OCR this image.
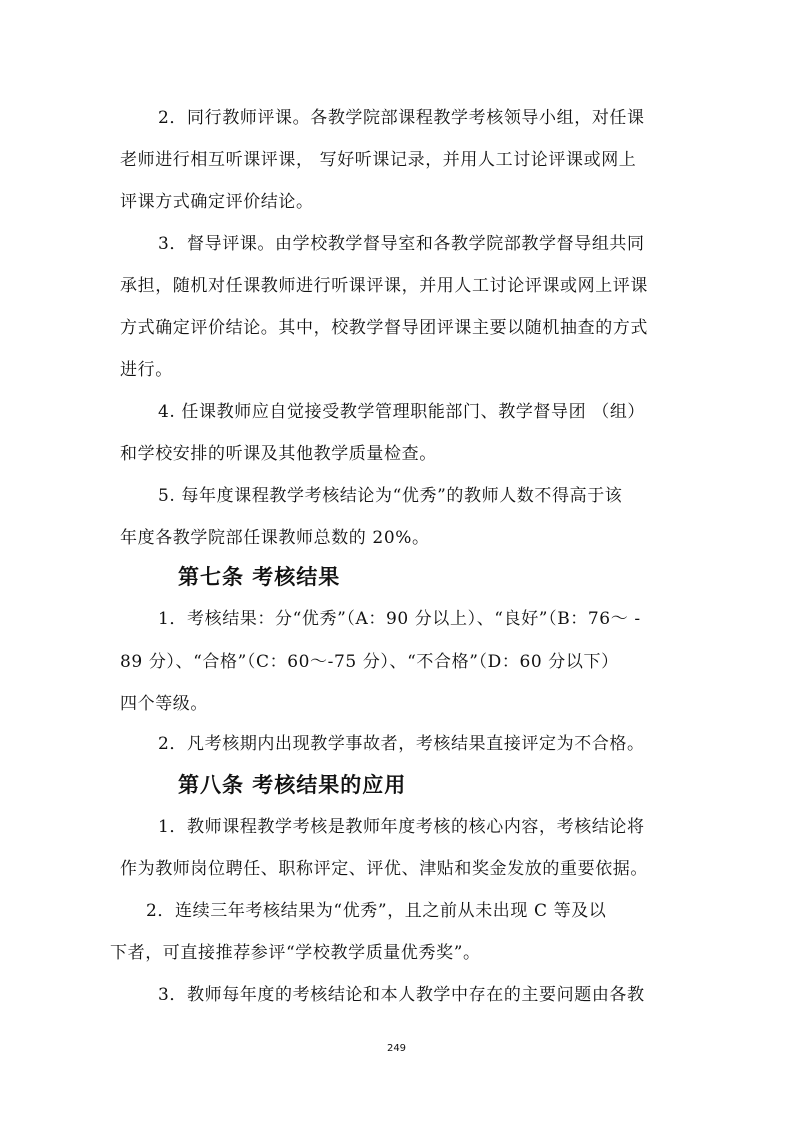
2．同行教师评课。各教学院部课程教学考核领导小组，对任课
老师进行相互听课评课， 写好听课记录，并用人工讨论评课或网上
评课方式确定评价结论。
3．督导评课。由学校教学督导室和各教学院部教学督导组共同
承担，随机对任课教师进行听课评课，并用人工讨论评课或网上评课
方式确定评价结论。其中，校教学督导团评课主要以随机抽查的方式
进行。
4. 任课教师应自觉接受教学管理职能部门、教学督导团 （组）
和学校安排的听课及其他教学质量检查。
5. 每年度课程教学考核结论为“优秀”的教师人数不得高于该
年度各教学院部任课教师总数的 20%。
第七条 考核结果
1．考核结果：分“优秀”（A：90 分以上）、“良好”（B：76～ -
89 分）、“合格”（C：60～-75 分）、“不合格”（D：60 分以下）
四个等级。
2．凡考核期内出现教学事故者，考核结果直接评定为不合格。
第八条 考核结果的应用
1．教师课程教学考核是教师年度考核的核心内容，考核结论将
作为教师岗位聘任、职称评定、评优、津贴和奖金发放的重要依据。
2．连续三年考核结果为“优秀”，且之前从未出现 C 等及以
下者，可直接推荐参评“学校教学质量优秀奖”。
3．教师每年度的考核结论和本人教学中存在的主要问题由各教
249
